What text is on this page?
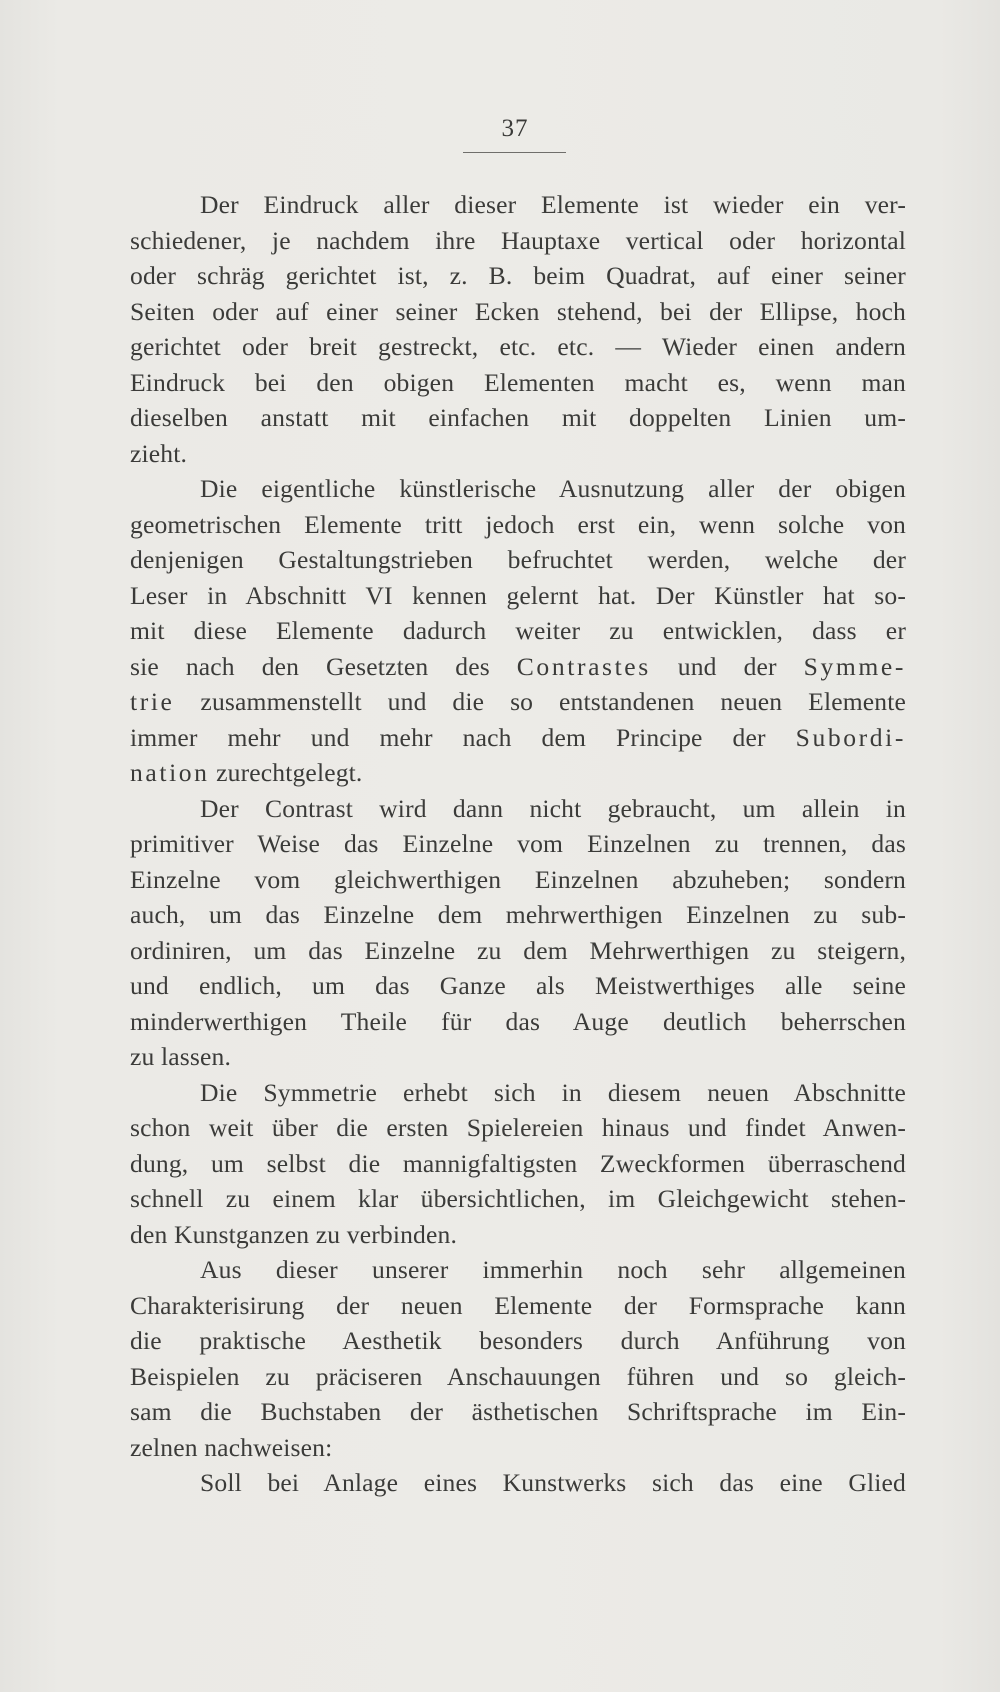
37
Der Eindruck aller dieser Elemente ist wieder ein ver-
schiedener, je nachdem ihre Hauptaxe vertical oder horizontal
oder schräg gerichtet ist, z. B. beim Quadrat, auf einer seiner
Seiten oder auf einer seiner Ecken stehend, bei der Ellipse, hoch
gerichtet oder breit gestreckt, etc. etc. — Wieder einen andern
Eindruck bei den obigen Elementen macht es, wenn man
dieselben anstatt mit einfachen mit doppelten Linien um-
zieht.
Die eigentliche künstlerische Ausnutzung aller der obigen
geometrischen Elemente tritt jedoch erst ein, wenn solche von
denjenigen Gestaltungstrieben befruchtet werden, welche der
Leser in Abschnitt VI kennen gelernt hat. Der Künstler hat so-
mit diese Elemente dadurch weiter zu entwicklen, dass er
sie nach den Gesetzten des Contrastes und der Symme-
trie zusammenstellt und die so entstandenen neuen Elemente
immer mehr und mehr nach dem Principe der Subordi-
nation zurechtgelegt.
Der Contrast wird dann nicht gebraucht, um allein in
primitiver Weise das Einzelne vom Einzelnen zu trennen, das
Einzelne vom gleichwerthigen Einzelnen abzuheben; sondern
auch, um das Einzelne dem mehrwerthigen Einzelnen zu sub-
ordiniren, um das Einzelne zu dem Mehrwerthigen zu steigern,
und endlich, um das Ganze als Meistwerthiges alle seine
minderwerthigen Theile für das Auge deutlich beherrschen
zu lassen.
Die Symmetrie erhebt sich in diesem neuen Abschnitte
schon weit über die ersten Spielereien hinaus und findet Anwen-
dung, um selbst die mannigfaltigsten Zweckformen überraschend
schnell zu einem klar übersichtlichen, im Gleichgewicht stehen-
den Kunstganzen zu verbinden.
Aus dieser unserer immerhin noch sehr allgemeinen
Charakterisirung der neuen Elemente der Formsprache kann
die praktische Aesthetik besonders durch Anführung von
Beispielen zu präciseren Anschauungen führen und so gleich-
sam die Buchstaben der ästhetischen Schriftsprache im Ein-
zelnen nachweisen:
Soll bei Anlage eines Kunstwerks sich das eine Glied
